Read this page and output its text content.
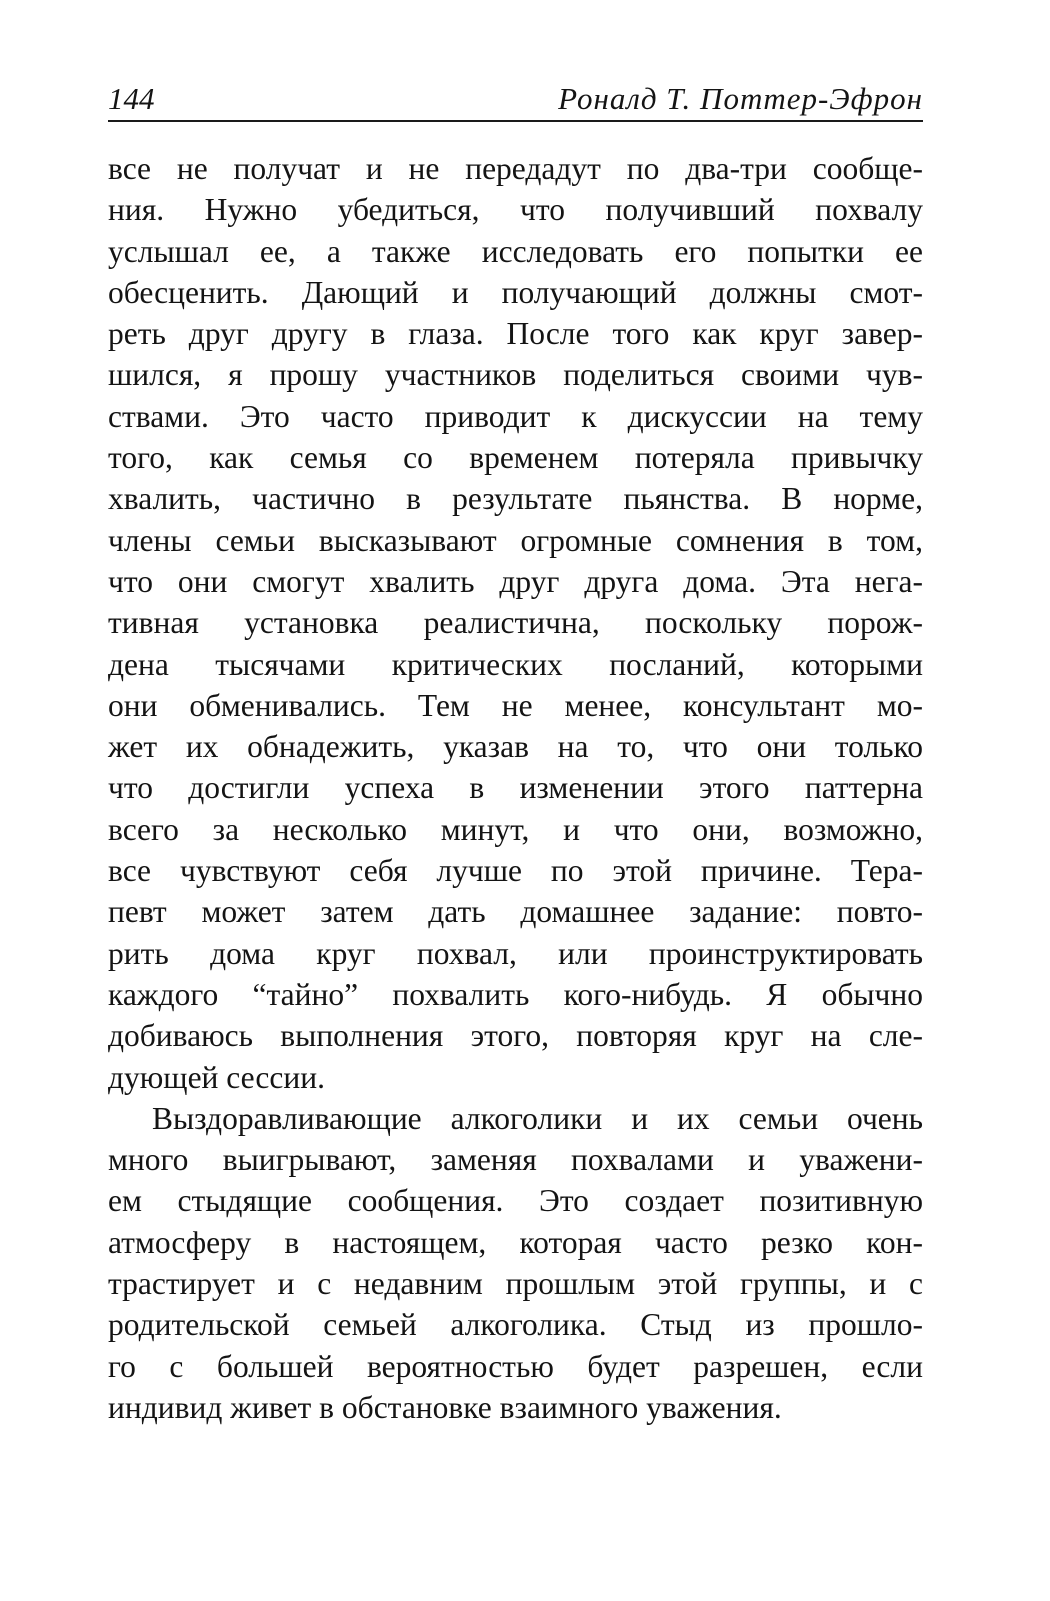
144	Роналд Т. Поттер-Эфрон
все не получат и не передадут по два-три сообще-
ния. Нужно убедиться, что получивший похвалу
услышал ее, а также исследовать его попытки ее
обесценить. Дающий и получающий должны смот-
реть друг другу в глаза. После того как круг завер-
шился, я прошу участников поделиться своими чув-
ствами. Это часто приводит к дискуссии на тему
того, как семья со временем потеряла привычку
хвалить, частично в результате пьянства. В норме,
члены семьи высказывают огромные сомнения в том,
что они смогут хвалить друг друга дома. Эта нега-
тивная установка реалистична, поскольку порож-
дена тысячами критических посланий, которыми
они обменивались. Тем не менее, консультант мо-
жет их обнадежить, указав на то, что они только
что достигли успеха в изменении этого паттерна
всего за несколько минут, и что они, возможно,
все чувствуют себя лучше по этой причине. Тера-
певт может затем дать домашнее задание: повто-
рить дома круг похвал, или проинструктировать
каждого “тайно” похвалить кого-нибудь. Я обычно
добиваюсь выполнения этого, повторяя круг на сле-
дующей сессии.
Выздоравливающие алкоголики и их семьи очень
много выигрывают, заменяя похвалами и уважени-
ем стыдящие сообщения. Это создает позитивную
атмосферу в настоящем, которая часто резко кон-
трастирует и с недавним прошлым этой группы, и с
родительской семьей алкоголика. Стыд из прошло-
го с большей вероятностью будет разрешен, если
индивид живет в обстановке взаимного уважения.
